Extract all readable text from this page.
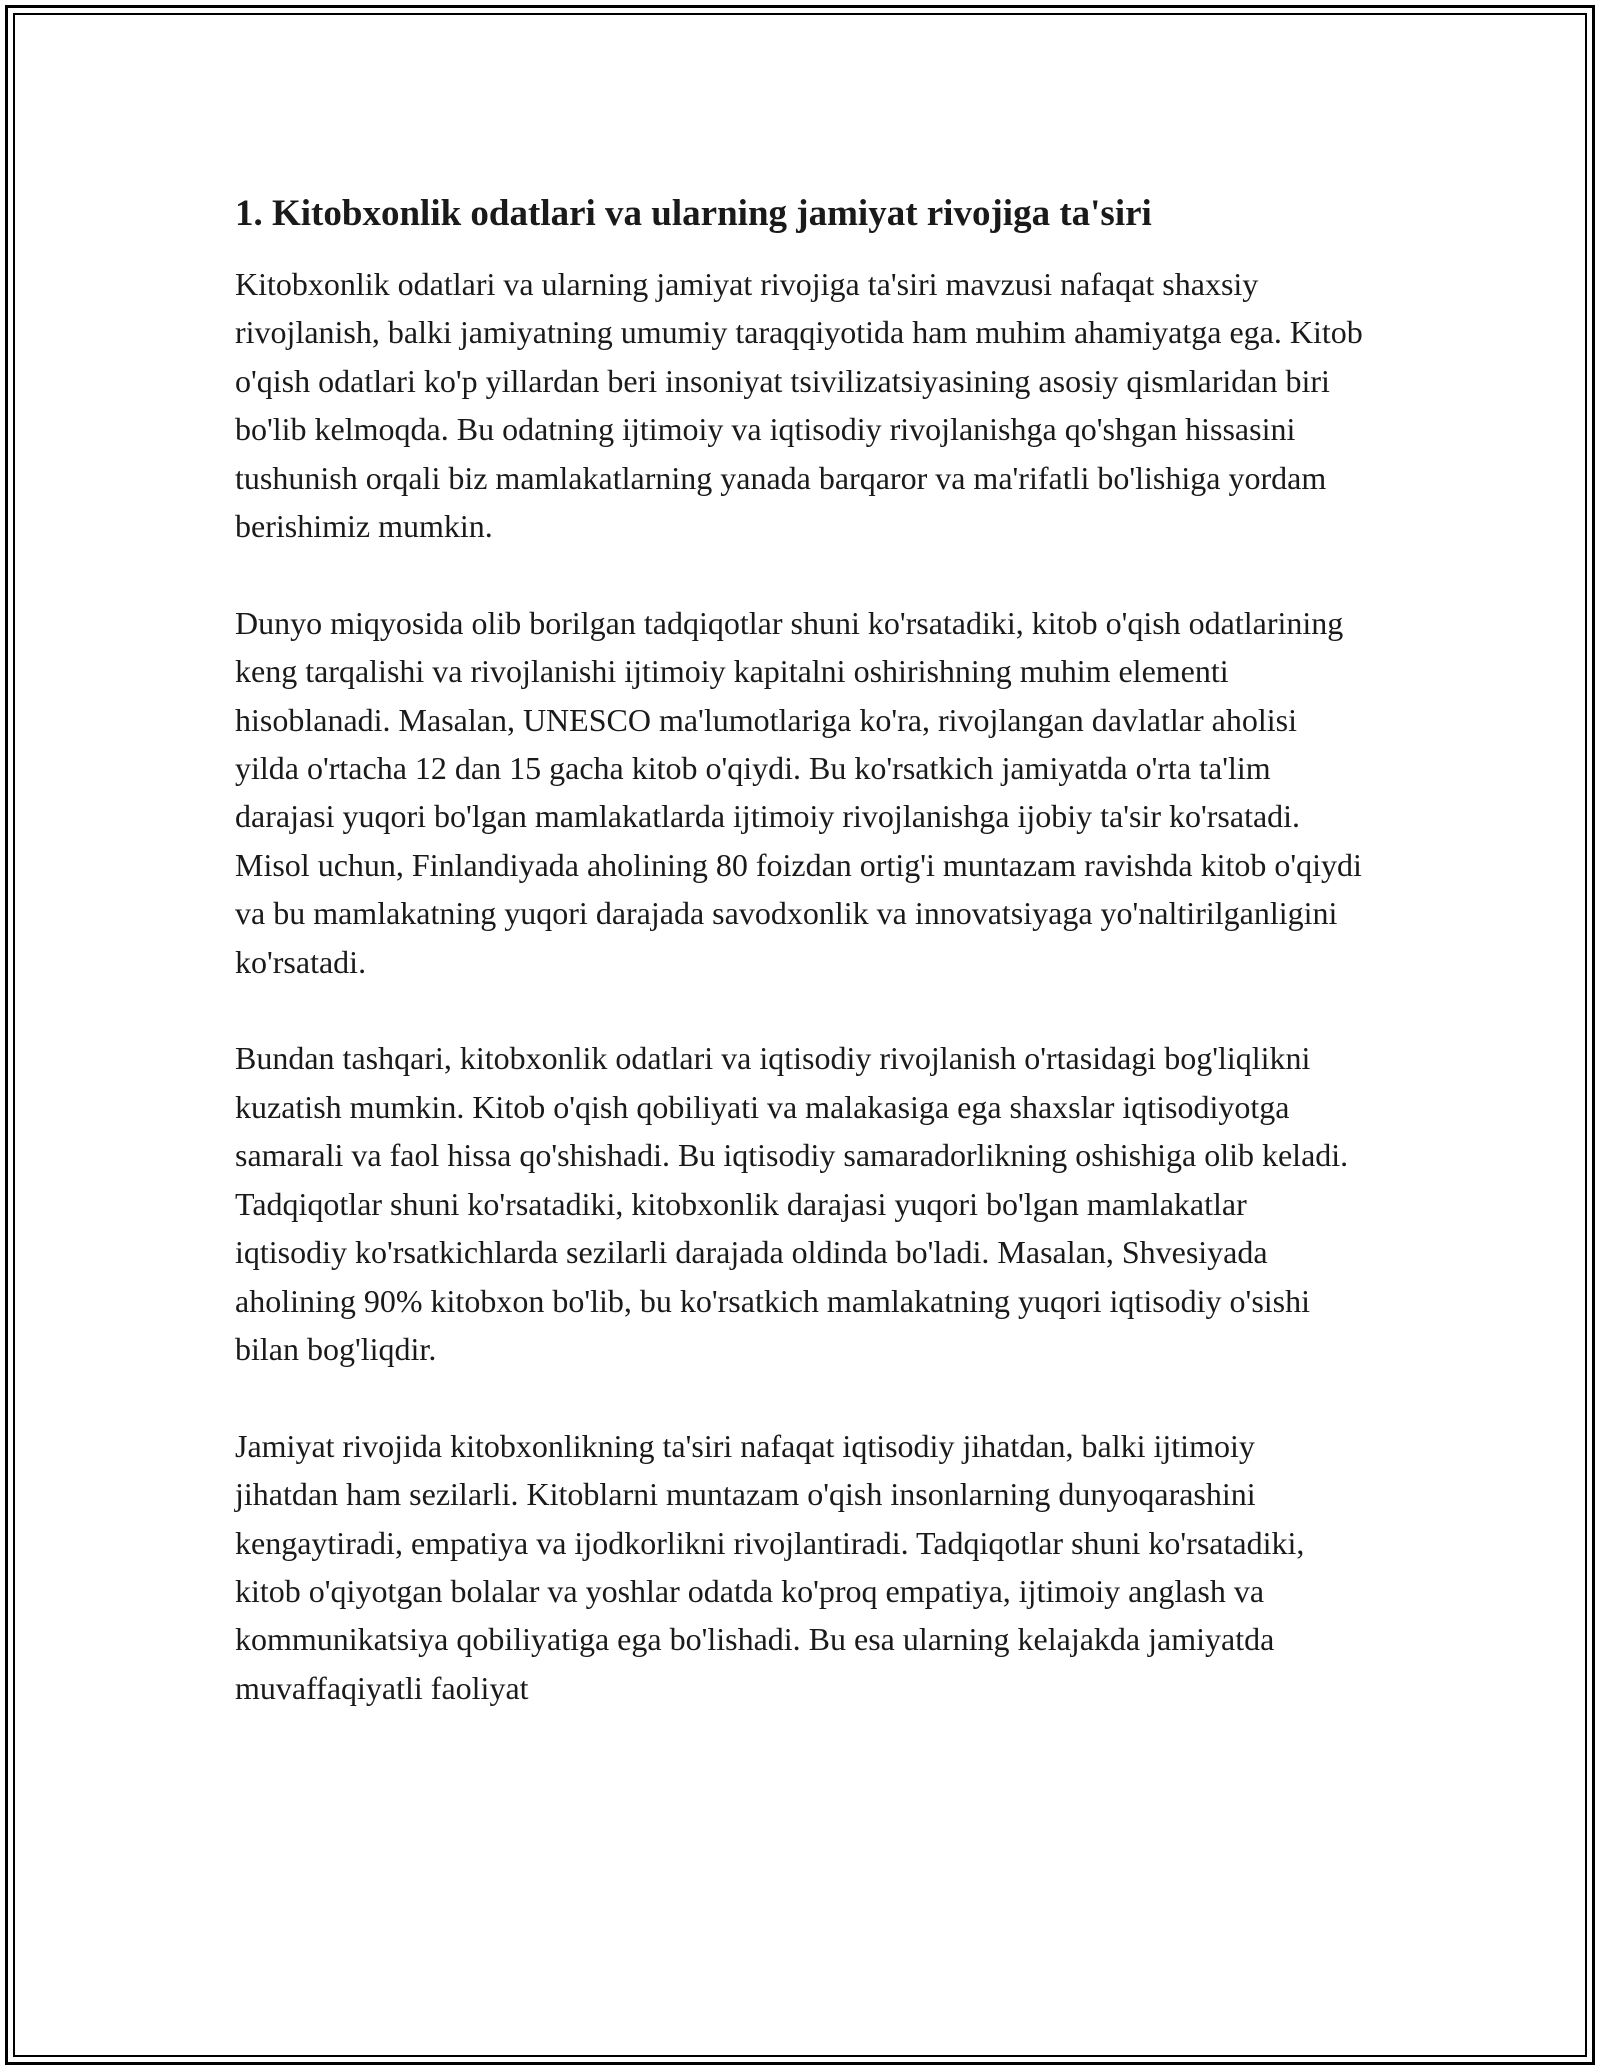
1. Kitobxonlik odatlari va ularning jamiyat rivojiga ta'siri

Kitobxonlik odatlari va ularning jamiyat rivojiga ta'siri mavzusi nafaqat shaxsiy rivojlanish, balki jamiyatning umumiy taraqqiyotida ham muhim ahamiyatga ega. Kitob o'qish odatlari ko'p yillardan beri insoniyat tsivilizatsiyasining asosiy qismlaridan biri bo'lib kelmoqda. Bu odatning ijtimoiy va iqtisodiy rivojlanishga qo'shgan hissasini tushunish orqali biz mamlakatlarning yanada barqaror va ma'rifatli bo'lishiga yordam berishimiz mumkin.

Dunyo miqyosida olib borilgan tadqiqotlar shuni ko'rsatadiki, kitob o'qish odatlarining keng tarqalishi va rivojlanishi ijtimoiy kapitalni oshirishning muhim elementi hisoblanadi. Masalan, UNESCO ma'lumotlariga ko'ra, rivojlangan davlatlar aholisi yilda o'rtacha 12 dan 15 gacha kitob o'qiydi. Bu ko'rsatkich jamiyatda o'rta ta'lim darajasi yuqori bo'lgan mamlakatlarda ijtimoiy rivojlanishga ijobiy ta'sir ko'rsatadi. Misol uchun, Finlandiyada aholining 80 foizdan ortig'i muntazam ravishda kitob o'qiydi va bu mamlakatning yuqori darajada savodxonlik va innovatsiyaga yo'naltirilganligini ko'rsatadi.

Bundan tashqari, kitobxonlik odatlari va iqtisodiy rivojlanish o'rtasidagi bog'liqlikni kuzatish mumkin. Kitob o'qish qobiliyati va malakasiga ega shaxslar iqtisodiyotga samarali va faol hissa qo'shishadi. Bu iqtisodiy samaradorlikning oshishiga olib keladi. Tadqiqotlar shuni ko'rsatadiki, kitobxonlik darajasi yuqori bo'lgan mamlakatlar iqtisodiy ko'rsatkichlarda sezilarli darajada oldinda bo'ladi. Masalan, Shvesiyada aholining 90% kitobxon bo'lib, bu ko'rsatkich mamlakatning yuqori iqtisodiy o'sishi bilan bog'liqdir.

Jamiyat rivojida kitobxonlikning ta'siri nafaqat iqtisodiy jihatdan, balki ijtimoiy jihatdan ham sezilarli. Kitoblarni muntazam o'qish insonlarning dunyoqarashini kengaytiradi, empatiya va ijodkorlikni rivojlantiradi. Tadqiqotlar shuni ko'rsatadiki, kitob o'qiyotgan bolalar va yoshlar odatda ko'proq empatiya, ijtimoiy anglash va kommunikatsiya qobiliyatiga ega bo'lishadi. Bu esa ularning kelajakda jamiyatda muvaffaqiyatli faoliyat
